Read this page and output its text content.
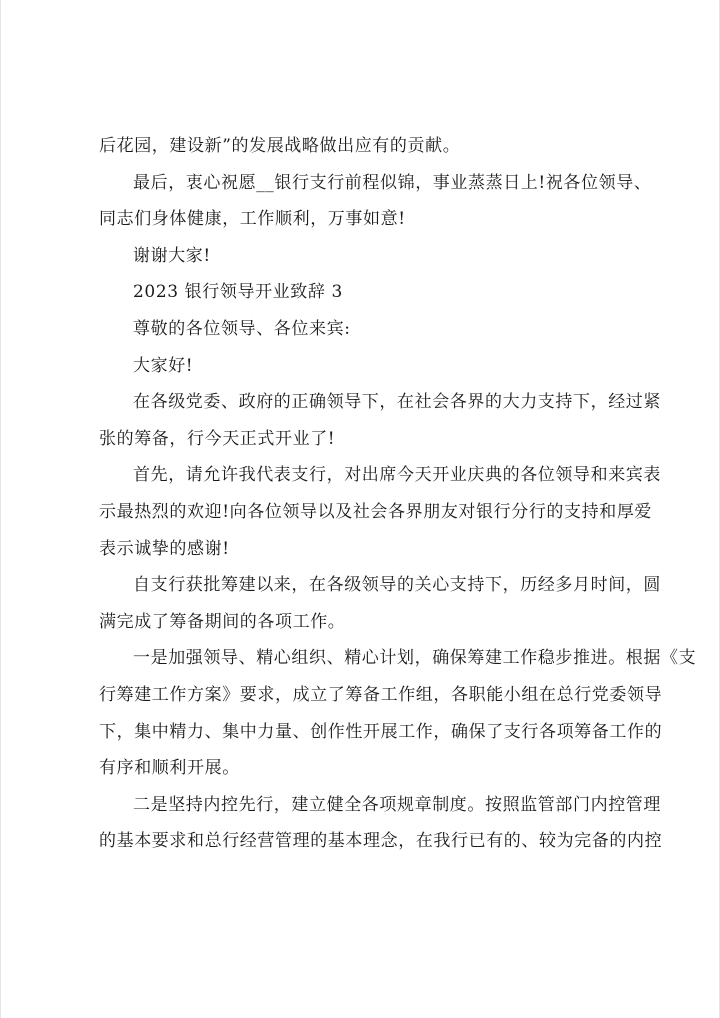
后花园，建设新”的发展战略做出应有的贡献。
最后，衷心祝愿__银行支行前程似锦，事业蒸蒸日上!祝各位领导、
同志们身体健康，工作顺利，万事如意!
谢谢大家!
2023 银行领导开业致辞 3
尊敬的各位领导、各位来宾:
大家好!
在各级党委、政府的正确领导下，在社会各界的大力支持下，经过紧
张的筹备，行今天正式开业了!
首先，请允许我代表支行，对出席今天开业庆典的各位领导和来宾表
示最热烈的欢迎!向各位领导以及社会各界朋友对银行分行的支持和厚爱
表示诚挚的感谢!
自支行获批筹建以来，在各级领导的关心支持下，历经多月时间，圆
满完成了筹备期间的各项工作。
一是加强领导、精心组织、精心计划，确保筹建工作稳步推进。根据《支
行筹建工作方案》要求，成立了筹备工作组，各职能小组在总行党委领导
下，集中精力、集中力量、创作性开展工作，确保了支行各项筹备工作的
有序和顺利开展。
二是坚持内控先行，建立健全各项规章制度。按照监管部门内控管理
的基本要求和总行经营管理的基本理念，在我行已有的、较为完备的内控
